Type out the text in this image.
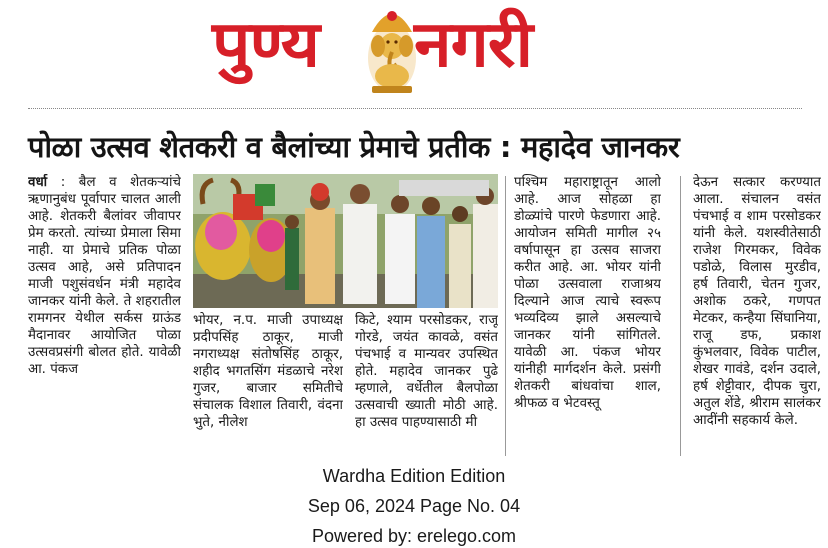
पुण्य नगरी
पोळा उत्सव शेतकरी व बैलांच्या प्रेमाचे प्रतीक : महादेव जानकर

वर्धा : बैल व शेतकऱ्यांचे ऋणानुबंध पूर्वापार चालत आली आहे. शेतकरी बैलांवर जीवापर प्रेम करतो. त्यांच्या प्रेमाला सिमा नाही. या प्रेमाचे प्रतिक पोळा उत्सव आहे, असे प्रतिपादन माजी पशुसंवर्धन मंत्री महादेव जानकर यांनी केले. ते शहरातील रामगनर येथील सर्कस ग्राऊंड मैदानावर आयोजित पोळा उत्सवप्रसंगी बोलत होते. यावेळी आ. पंकज

भोयर, न.प. माजी उपाध्यक्ष प्रदीपसिंह ठाकूर, माजी नगराध्यक्ष संतोषसिंह ठाकूर, शहीद भगतसिंग मंडळाचे नरेश गुजर, बाजार समितीचे संचालक विशाल तिवारी, वंदना भुते, नीलेश

किटे, श्याम परसोडकर, राजू गोरडे, जयंत कावळे, वसंत पंचभाई व मान्यवर उपस्थित होते. महादेव जानकर पुढे म्हणाले, वर्धेतील बैलपोळा उत्सवाची ख्याती मोठी आहे. हा उत्सव पाहण्यासाठी मी

पश्चिम महाराष्ट्रातून आलो आहे. आज सोहळा हा डोळ्यांचे पारणे फेडणारा आहे. आयोजन समिती मागील २५ वर्षापासून हा उत्सव साजरा करीत आहे. आ. भोयर यांनी पोळा उत्सवाला राजाश्रय दिल्याने आज त्याचे स्वरूप भव्यदिव्य झाले असल्याचे जानकर यांनी सांगितले. यावेळी आ. पंकज भोयर यांनीही मार्गदर्शन केले. प्रसंगी शेतकरी बांधवांचा शाल, श्रीफळ व भेटवस्तू

देऊन सत्कार करण्यात आला. संचालन वसंत पंचभाई व शाम परसोडकर यांनी केले. यशस्वीतेसाठी राजेश गिरमकर, विवेक पडोळे, विलास मुरडीव, हर्ष तिवारी, चेतन गुजर, अशोक ठकरे, गणपत मेटकर, कन्हैया सिंघानिया, राजू डफ, प्रकाश कुंभलवार, विवेक पाटील, शेखर गावंडे, दर्शन उदाले, हर्ष शेट्टीवार, दीपक चुरा, अतुल शेंडे, श्रीराम सालंकर आदींनी सहकार्य केले.

Wardha Edition Edition
Sep 06, 2024 Page No. 04
Powered by: erelego.com
